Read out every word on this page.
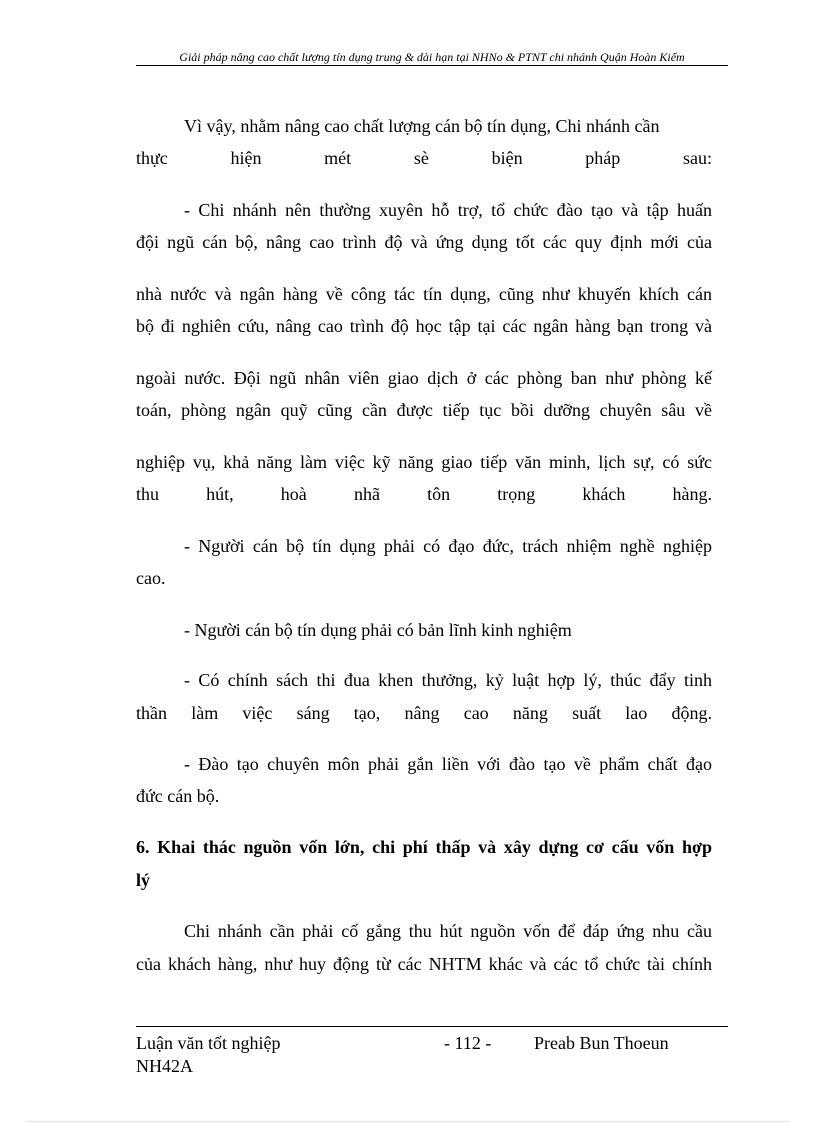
Giải pháp nâng cao chất lượng tín dụng trung & dài hạn tại NHNo & PTNT chi nhánh Quận Hoàn Kiếm
Vì vậy, nhằm nâng cao chất lượng cán bộ tín dụng, Chi nhánh cần
thực hiện mét sè biện pháp sau:
- Chi nhánh nên thường xuyên hỗ trợ, tổ chức đào tạo và tập huấn
đội ngũ cán bộ, nâng cao trình độ và ứng dụng tốt các quy định mới của
nhà nước và ngân hàng về công tác tín dụng, cũng như khuyến khích cán
bộ đi nghiên cứu, nâng cao trình độ học tập tại các ngân hàng bạn trong và
ngoài nước. Đội ngũ nhân viên giao dịch ở các phòng ban như phòng kế
toán, phòng ngân quỹ cũng cần được tiếp tục bồi dưỡng chuyên sâu về
nghiệp vụ, khả năng làm việc kỹ năng giao tiếp văn minh, lịch sự, có sức
thu hút, hoà nhã tôn trọng khách hàng.
- Người cán bộ tín dụng phải có đạo đức, trách nhiệm nghề nghiệp
cao.
- Người cán bộ tín dụng phải có bản lĩnh kinh nghiệm
- Có chính sách thi đua khen thưởng, kỷ luật hợp lý, thúc đẩy tinh
thần làm việc sáng tạo, nâng cao năng suất lao động.
- Đào tạo chuyên môn phải gắn liền với đào tạo về phẩm chất đạo
đức cán bộ.
6. Khai thác nguồn vốn lớn, chi phí thấp và xây dựng cơ cấu vốn hợp
lý
Chi nhánh cần phải cố gắng thu hút nguồn vốn để đáp ứng nhu cầu
của khách hàng, như huy động từ các NHTM khác và các tổ chức tài chính
Luận văn tốt nghiệp
NH42A
- 112 - Preab Bun Thoeun
